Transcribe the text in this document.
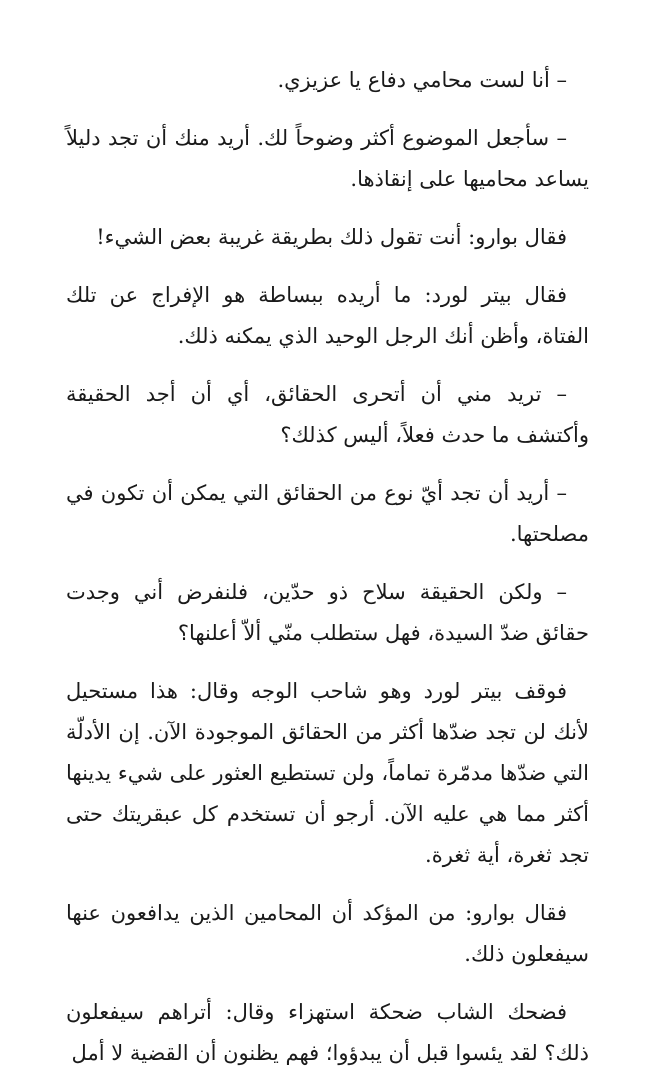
– أنا لست محامي دفاع يا عزيزي.

– سأجعل الموضوع أكثر وضوحاً لك. أريد منك أن تجد دليلاً يساعد محاميها على إنقاذها.

فقال بوارو: أنت تقول ذلك بطريقة غريبة بعض الشيء!

فقال بيتر لورد: ما أريده ببساطة هو الإفراج عن تلك الفتاة، وأظن أنك الرجل الوحيد الذي يمكنه ذلك.

– تريد مني أن أتحرى الحقائق، أي أن أجد الحقيقة وأكتشف ما حدث فعلاً، أليس كذلك؟

– أريد أن تجد أيّ نوع من الحقائق التي يمكن أن تكون في مصلحتها.

– ولكن الحقيقة سلاح ذو حدّين، فلنفرض أني وجدت حقائق ضدّ السيدة، فهل ستطلب منّي ألاّ أعلنها؟

فوقف بيتر لورد وهو شاحب الوجه وقال: هذا مستحيل لأنك لن تجد ضدّها أكثر من الحقائق الموجودة الآن. إن الأدلّة التي ضدّها مدمّرة تماماً، ولن تستطيع العثور على شيء يدينها أكثر مما هي عليه الآن. أرجو أن تستخدم كل عبقريتك حتى تجد ثغرة، أية ثغرة.

فقال بوارو: من المؤكد أن المحامين الذين يدافعون عنها سيفعلون ذلك.

فضحك الشاب ضحكة استهزاء وقال: أتراهم سيفعلون ذلك؟ لقد يئسوا قبل أن يبدؤوا؛ فهم يظنون أن القضية لا أمل
